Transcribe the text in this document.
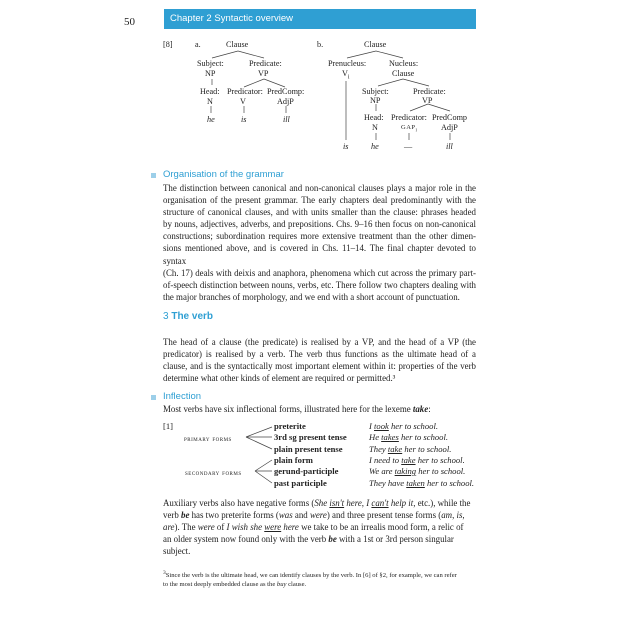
50	Chapter 2 Syntactic overview
[8]	a.	Clause
Subject:
NP
Predicate:
VP
Head:
N
he
Predicator:
V
is
PredComp:
AdjP
ill
b.	Clause
Prenucleus:
$V_i$
Nucleus:
Clause
is
Subject:
NP
Predicate:
VP
Head:
N
he
Predicator:
$GAP_i$
—
PredComp
AdjP
ill
Organisation of the grammar

The distinction between canonical and non-canonical clauses plays a major role in the

organisation of the present grammar. The early chapters deal predominantly with the

structure of canonical clauses, and with units smaller than the clause: phrases headed

by nouns, adjectives, adverbs, and prepositions. Chs. 9–16 then focus on non-canonical

constructions; subordination requires more extensive treatment than the other dimen-

sions mentioned above, and is covered in Chs. 11–14. The final chapter devoted to syntax

(Ch. 17) deals with deixis and anaphora, phenomena which cut across the primary part-

of-speech distinction between nouns, verbs, etc. There follow two chapters dealing with

the major branches of morphology, and we end with a short account of punctuation.

3 The verb

The head of a clause (the predicate) is realised by a VP, and the head of a VP (the

predicator) is realised by a verb. The verb thus functions as the ultimate head of a

clause, and is the syntactically most important element within it: properties of the verb

determine what other kinds of element are required or permitted.³

Inflection
Most verbs have six inflectional forms, illustrated here for the lexeme take:
[1]
primary forms
secondary forms
preterite	I took her to school.
3rd sg present tense	He takes her to school.
plain present tense	They take her to school.
plain form	I need to take her to school.
gerund-participle	We are taking her to school.
past participle	They have taken her to school.

Auxiliary verbs also have negative forms (She isn't here, I can't help it, etc.), while the

verb be has two preterite forms (was and were) and three present tense forms (am, is,

are). The were of I wish she were here we take to be an irrealis mood form, a relic of

an older system now found only with the verb be with a 1st or 3rd person singular

subject.

$^3$Since the verb is the ultimate head, we can identify clauses by the verb. In [6] of §2, for example, we can refer
to the most deeply embedded clause as the buy clause.
